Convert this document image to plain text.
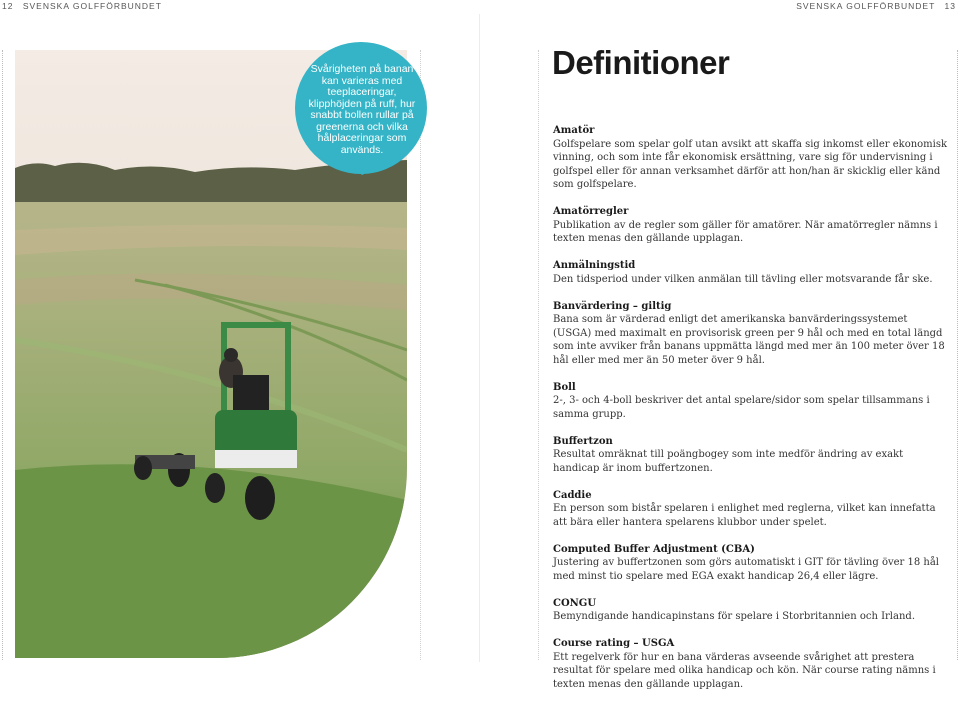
12 SVENSKA GOLFFÖRBUNDET	SVENSKA GOLFFÖRBUNDET 13
Svårigheten på banan kan varieras med teeplaceringar, klipphöjden på ruff, hur snabbt bollen rullar på greenerna och vilka hålplaceringar som används.
Definitioner
Amatör
Golfspelare som spelar golf utan avsikt att skaffa sig inkomst eller ekonomisk vinning, och som inte får ekonomisk ersättning, vare sig för undervisning i golfspel eller för annan verksamhet därför att hon/han är skicklig eller känd som golfspelare.
Amatörregler
Publikation av de regler som gäller för amatörer. När amatörregler nämns i texten menas den gällande upplagan.
Anmälningstid
Den tidsperiod under vilken anmälan till tävling eller motsvarande får ske.
Banvärdering – giltig
Bana som är värderad enligt det amerikanska banvärderingssystemet (USGA) med maximalt en provisorisk green per 9 hål och med en total längd som inte avviker från banans uppmätta längd med mer än 100 meter över 18 hål eller med mer än 50 meter över 9 hål.
Boll
2-, 3- och 4-boll beskriver det antal spelare/sidor som spelar tillsammans i samma grupp.
Buffertzon
Resultat omräknat till poängbogey som inte medför ändring av exakt handicap är inom buffertzonen.
Caddie
En person som bistår spelaren i enlighet med reglerna, vilket kan innefatta att bära eller hantera spelarens klubbor under spelet.
Computed Buffer Adjustment (CBA)
Justering av buffertzonen som görs automatiskt i GIT för tävling över 18 hål med minst tio spelare med EGA exakt handicap 26,4 eller lägre.
CONGU
Bemyndigande handicapinstans för spelare i Storbritannien och Irland.
Course rating – USGA
Ett regelverk för hur en bana värderas avseende svårighet att prestera resultat för spelare med olika handicap och kön. När course rating nämns i texten menas den gällande upplagan.
